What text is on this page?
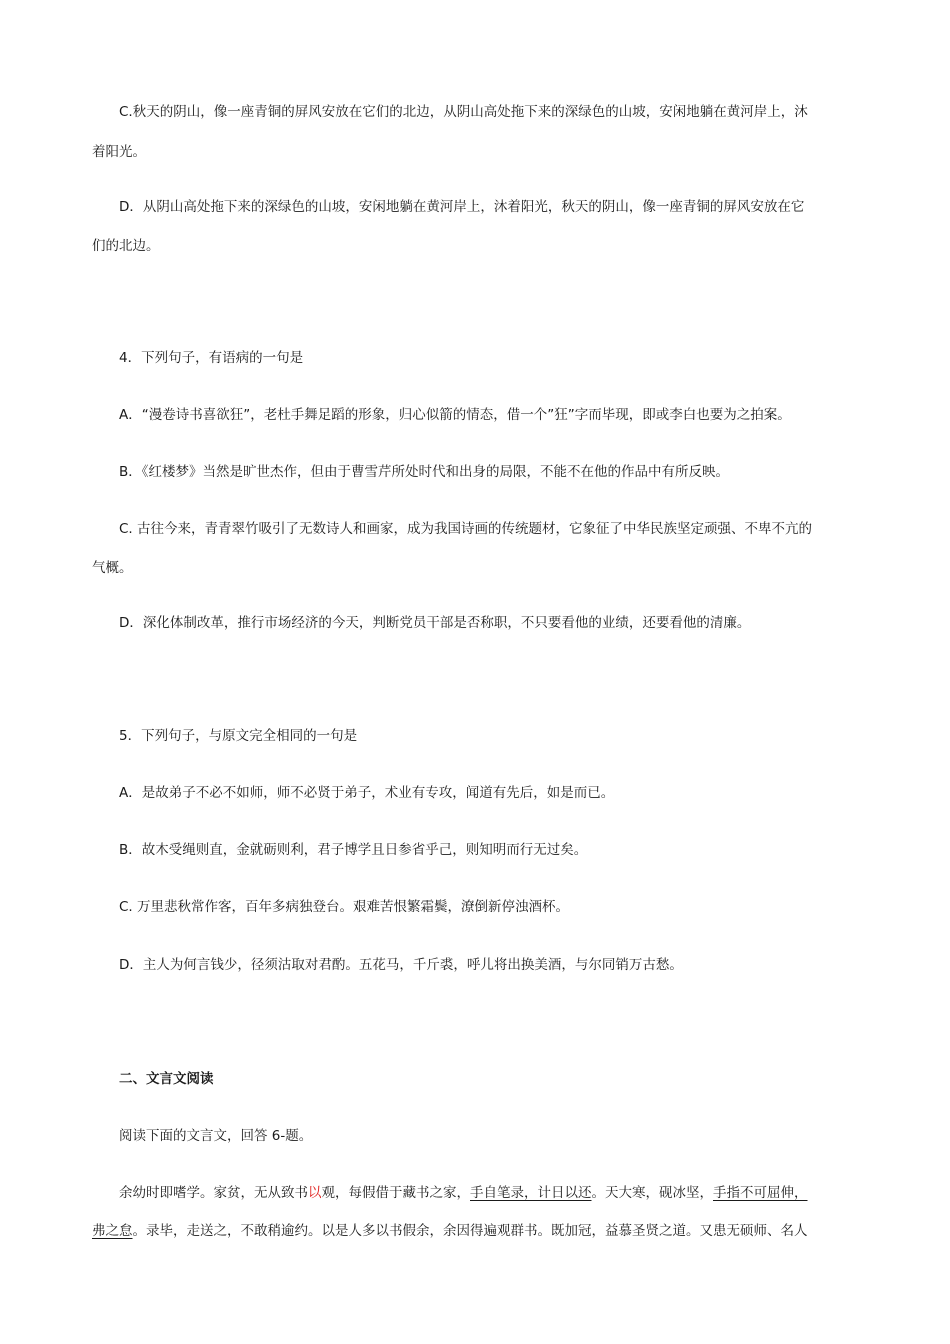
C.秋天的阴山，像一座青铜的屏风安放在它们的北边，从阴山高处拖下来的深绿色的山坡，安闲地躺在黄河岸上，沐

着阳光。

D．从阴山高处拖下来的深绿色的山坡，安闲地躺在黄河岸上，沐着阳光，秋天的阴山，像一座青铜的屏风安放在它

们的北边。

4．下列句子，有语病的一句是

A．“漫卷诗书喜欲狂”，老杜手舞足蹈的形象，归心似箭的情态，借一个”狂”字而毕现，即或李白也要为之拍案。

B．《红楼梦》当然是旷世杰作，但由于曹雪芹所处时代和出身的局限，不能不在他的作品中有所反映。

C. 古往今来，青青翠竹吸引了无数诗人和画家，成为我国诗画的传统题材，它象征了中华民族坚定顽强、不卑不亢的

气概。

D．深化体制改革，推行市场经济的今天，判断党员干部是否称职，不只要看他的业绩，还要看他的清廉。

5．下列句子，与原文完全相同的一句是

A．是故弟子不必不如师，师不必贤于弟子，术业有专攻，闻道有先后，如是而已。

B．故木受绳则直，金就砺则利，君子博学且日参省乎己，则知明而行无过矣。

C. 万里悲秋常作客，百年多病独登台。艰难苦恨繁霜鬓，潦倒新停浊酒杯。

D．主人为何言钱少，径须沽取对君酌。五花马，千斤裘，呼儿将出换美酒，与尔同销万古愁。

二、文言文阅读

阅读下面的文言文，回答 6-题。

余幼时即嗜学。家贫，无从致书以观，每假借于藏书之家，手自笔录，计日以还。天大寒，砚冰坚，手指不可屈伸，

弗之怠。录毕，走送之，不敢稍逾约。以是人多以书假余，余因得遍观群书。既加冠，益慕圣贤之道。又患无硕师、名人
